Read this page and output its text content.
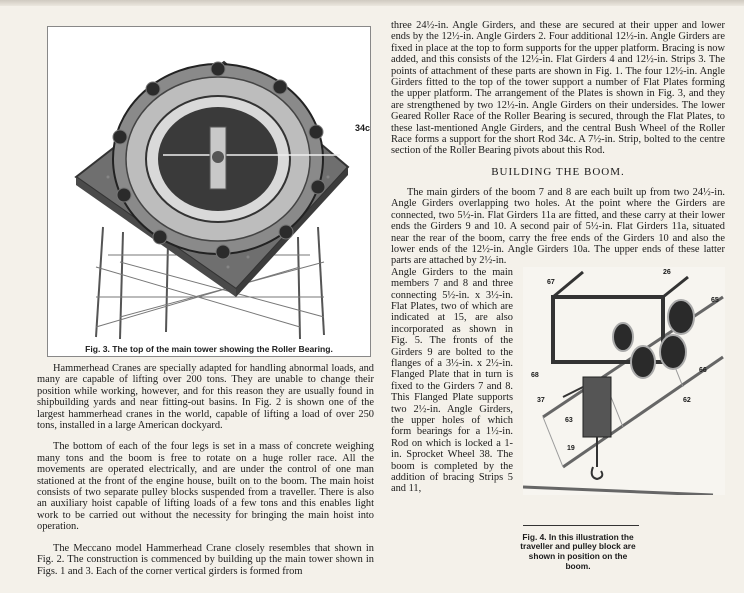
34c
Fig. 3. The top of the main tower showing the Roller Bearing.

Hammerhead Cranes are specially adapted for handling abnormal loads, and many are capable of lifting over 200 tons. They are unable to change their position while working, however, and for this reason they are usually found in shipbuilding yards and near fitting-out basins. In Fig. 2 is shown one of the largest hammerhead cranes in the world, capable of lifting a load of over 250 tons, installed in a large American dockyard.

The bottom of each of the four legs is set in a mass of concrete weighing many tons and the boom is free to rotate on a huge roller race. All the movements are operated electrically, and are under the control of one man stationed at the front of the engine house, built on to the boom. The main hoist consists of two separate pulley blocks suspended from a traveller. There is also an auxiliary hoist capable of lifting loads of a few tons and this enables light work to be carried out without the necessity for bringing the main hoist into operation.

The Meccano model Hammerhead Crane closely resembles that shown in Fig. 2. The construction is commenced by building up the main tower shown in Figs. 1 and 3. Each of the corner vertical girders is formed from

three 24½-in. Angle Girders, and these are secured at their upper and lower ends by the 12½-in. Angle Girders 2. Four additional 12½-in. Angle Girders are fixed in place at the top to form supports for the upper platform. Bracing is now added, and this consists of the 12½-in. Flat Girders 4 and 12½-in. Strips 3. The points of attachment of these parts are shown in Fig. 1. The four 12½-in. Angle Girders fitted to the top of the tower support a number of Flat Plates forming the upper platform. The arrangement of the Plates is shown in Fig. 3, and they are strengthened by two 12½-in. Angle Girders on their undersides. The lower Geared Roller Race of the Roller Bearing is secured, through the Flat Plates, to these last-mentioned Angle Girders, and the central Bush Wheel of the Roller Race forms a support for the short Rod 34c. A 7½-in. Strip, bolted to the centre section of the Roller Bearing pivots about this Rod.

BUILDING THE BOOM.

The main girders of the boom 7 and 8 are each built up from two 24½-in. Angle Girders overlapping two holes. At the point where the Girders are connected, two 5½-in. Flat Girders 11a are fitted, and these carry at their lower ends the Girders 9 and 10. A second pair of 5½-in. Flat Girders 11a, situated near the rear of the boom, carry the free ends of the Girders 10 and also the lower ends of the 12½-in. Angle Girders 10a. The upper ends of these latter parts are attached by 2½-in.

26
67
65
68
66
62
37
63
19
Fig. 4. In this illustration the traveller and pulley block are shown in position on the boom.

Angle Girders to the main members 7 and 8 and three connecting 5½-in. x 3½-in. Flat Plates, two of which are indicated at 15, are also incorporated as shown in Fig. 5. The fronts of the Girders 9 are bolted to the flanges of a 3½-in. x 2½-in. Flanged Plate that in turn is fixed to the Girders 7 and 8. This Flanged Plate supports two 2½-in. Angle Girders, the upper holes of which form bearings for a 1½-in. Rod on which is locked a 1-in. Sprocket Wheel 38. The boom is completed by the addition of bracing Strips 5 and 11,
